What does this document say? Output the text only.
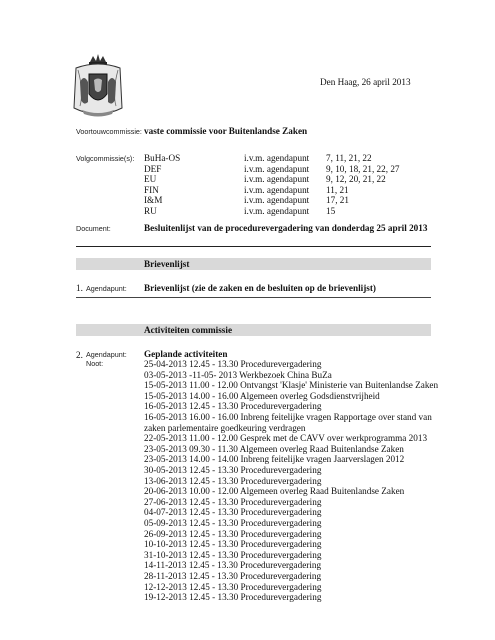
Den Haag, 26 april 2013
Voortouwcommissie: vaste commissie voor Buitenlandse Zaken
Volgcommissie(s): BuHa-OS	i.v.m. agendapunt 7, 11, 21, 22
DEF	i.v.m. agendapunt 9, 10, 18, 21, 22, 27
EU	i.v.m. agendapunt 9, 12, 20, 21, 22
FIN	i.v.m. agendapunt 11, 21
I&M	i.v.m. agendapunt 17, 21
RU	i.v.m. agendapunt 15
Document:	Besluitenlijst van de procedurevergadering van donderdag 25 april 2013
Brievenlijst
1. Agendapunt: Brievenlijst (zie de zaken en de besluiten op de brievenlijst)
Activiteiten commissie
2. Agendapunt:
Noot:
Geplande activiteiten
25-04-2013 12.45 - 13.30 Procedurevergadering
03-05-2013 -11-05- 2013 Werkbezoek China BuZa
15-05-2013 11.00 - 12.00 Ontvangst 'Klasje' Ministerie van Buitenlandse Zaken
15-05-2013 14.00 - 16.00 Algemeen overleg Godsdienstvrijheid
16-05-2013 12.45 - 13.30 Procedurevergadering
16-05-2013 16.00 - 16.00 Inbreng feitelijke vragen Rapportage over stand van
zaken parlementaire goedkeuring verdragen
22-05-2013 11.00 - 12.00 Gesprek met de CAVV over werkprogramma 2013
23-05-2013 09.30 - 11.30 Algemeen overleg Raad Buitenlandse Zaken
23-05-2013 14.00 - 14.00 Inbreng feitelijke vragen Jaarverslagen 2012
30-05-2013 12.45 - 13.30 Procedurevergadering
13-06-2013 12.45 - 13.30 Procedurevergadering
20-06-2013 10.00 - 12.00 Algemeen overleg Raad Buitenlandse Zaken
27-06-2013 12.45 - 13.30 Procedurevergadering
04-07-2013 12.45 - 13.30 Procedurevergadering
05-09-2013 12.45 - 13.30 Procedurevergadering
26-09-2013 12.45 - 13.30 Procedurevergadering
10-10-2013 12.45 - 13.30 Procedurevergadering
31-10-2013 12.45 - 13.30 Procedurevergadering
14-11-2013 12.45 - 13.30 Procedurevergadering
28-11-2013 12.45 - 13.30 Procedurevergadering
12-12-2013 12.45 - 13.30 Procedurevergadering
19-12-2013 12.45 - 13.30 Procedurevergadering
